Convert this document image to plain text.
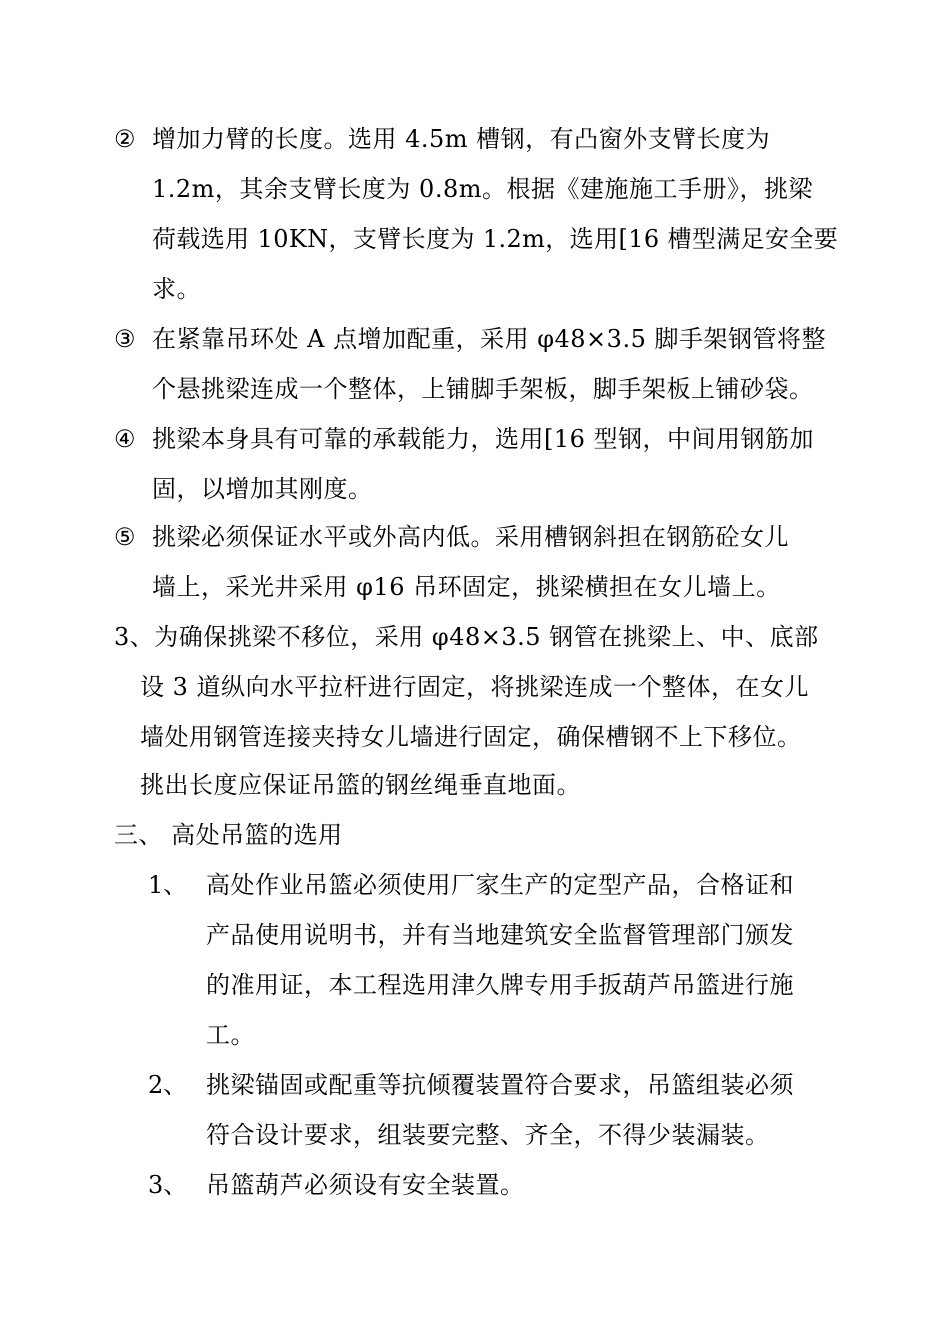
② 增加力臂的长度。选用 4.5m 槽钢，有凸窗外支臂长度为
1.2m，其余支臂长度为 0.8m。根据《建施施工手册》，挑梁
荷载选用 10KN，支臂长度为 1.2m，选用[16 槽型满足安全要
求。
③ 在紧靠吊环处 A 点增加配重，采用 φ48×3.5 脚手架钢管将整
个悬挑梁连成一个整体，上铺脚手架板，脚手架板上铺砂袋。
④ 挑梁本身具有可靠的承载能力，选用[16 型钢，中间用钢筋加
固，以增加其刚度。
⑤ 挑梁必须保证水平或外高内低。采用槽钢斜担在钢筋砼女儿
墙上，采光井采用 φ16 吊环固定，挑梁横担在女儿墙上。
3、为确保挑梁不移位，采用 φ48×3.5 钢管在挑梁上、中、底部
设 3 道纵向水平拉杆进行固定，将挑梁连成一个整体，在女儿
墙处用钢管连接夹持女儿墙进行固定，确保槽钢不上下移位。
挑出长度应保证吊篮的钢丝绳垂直地面。
三、 高处吊篮的选用
1、 高处作业吊篮必须使用厂家生产的定型产品，合格证和
产品使用说明书，并有当地建筑安全监督管理部门颁发
的准用证，本工程选用津久牌专用手扳葫芦吊篮进行施
工。
2、 挑梁锚固或配重等抗倾覆装置符合要求，吊篮组装必须
符合设计要求，组装要完整、齐全，不得少装漏装。
3、 吊篮葫芦必须设有安全装置。
